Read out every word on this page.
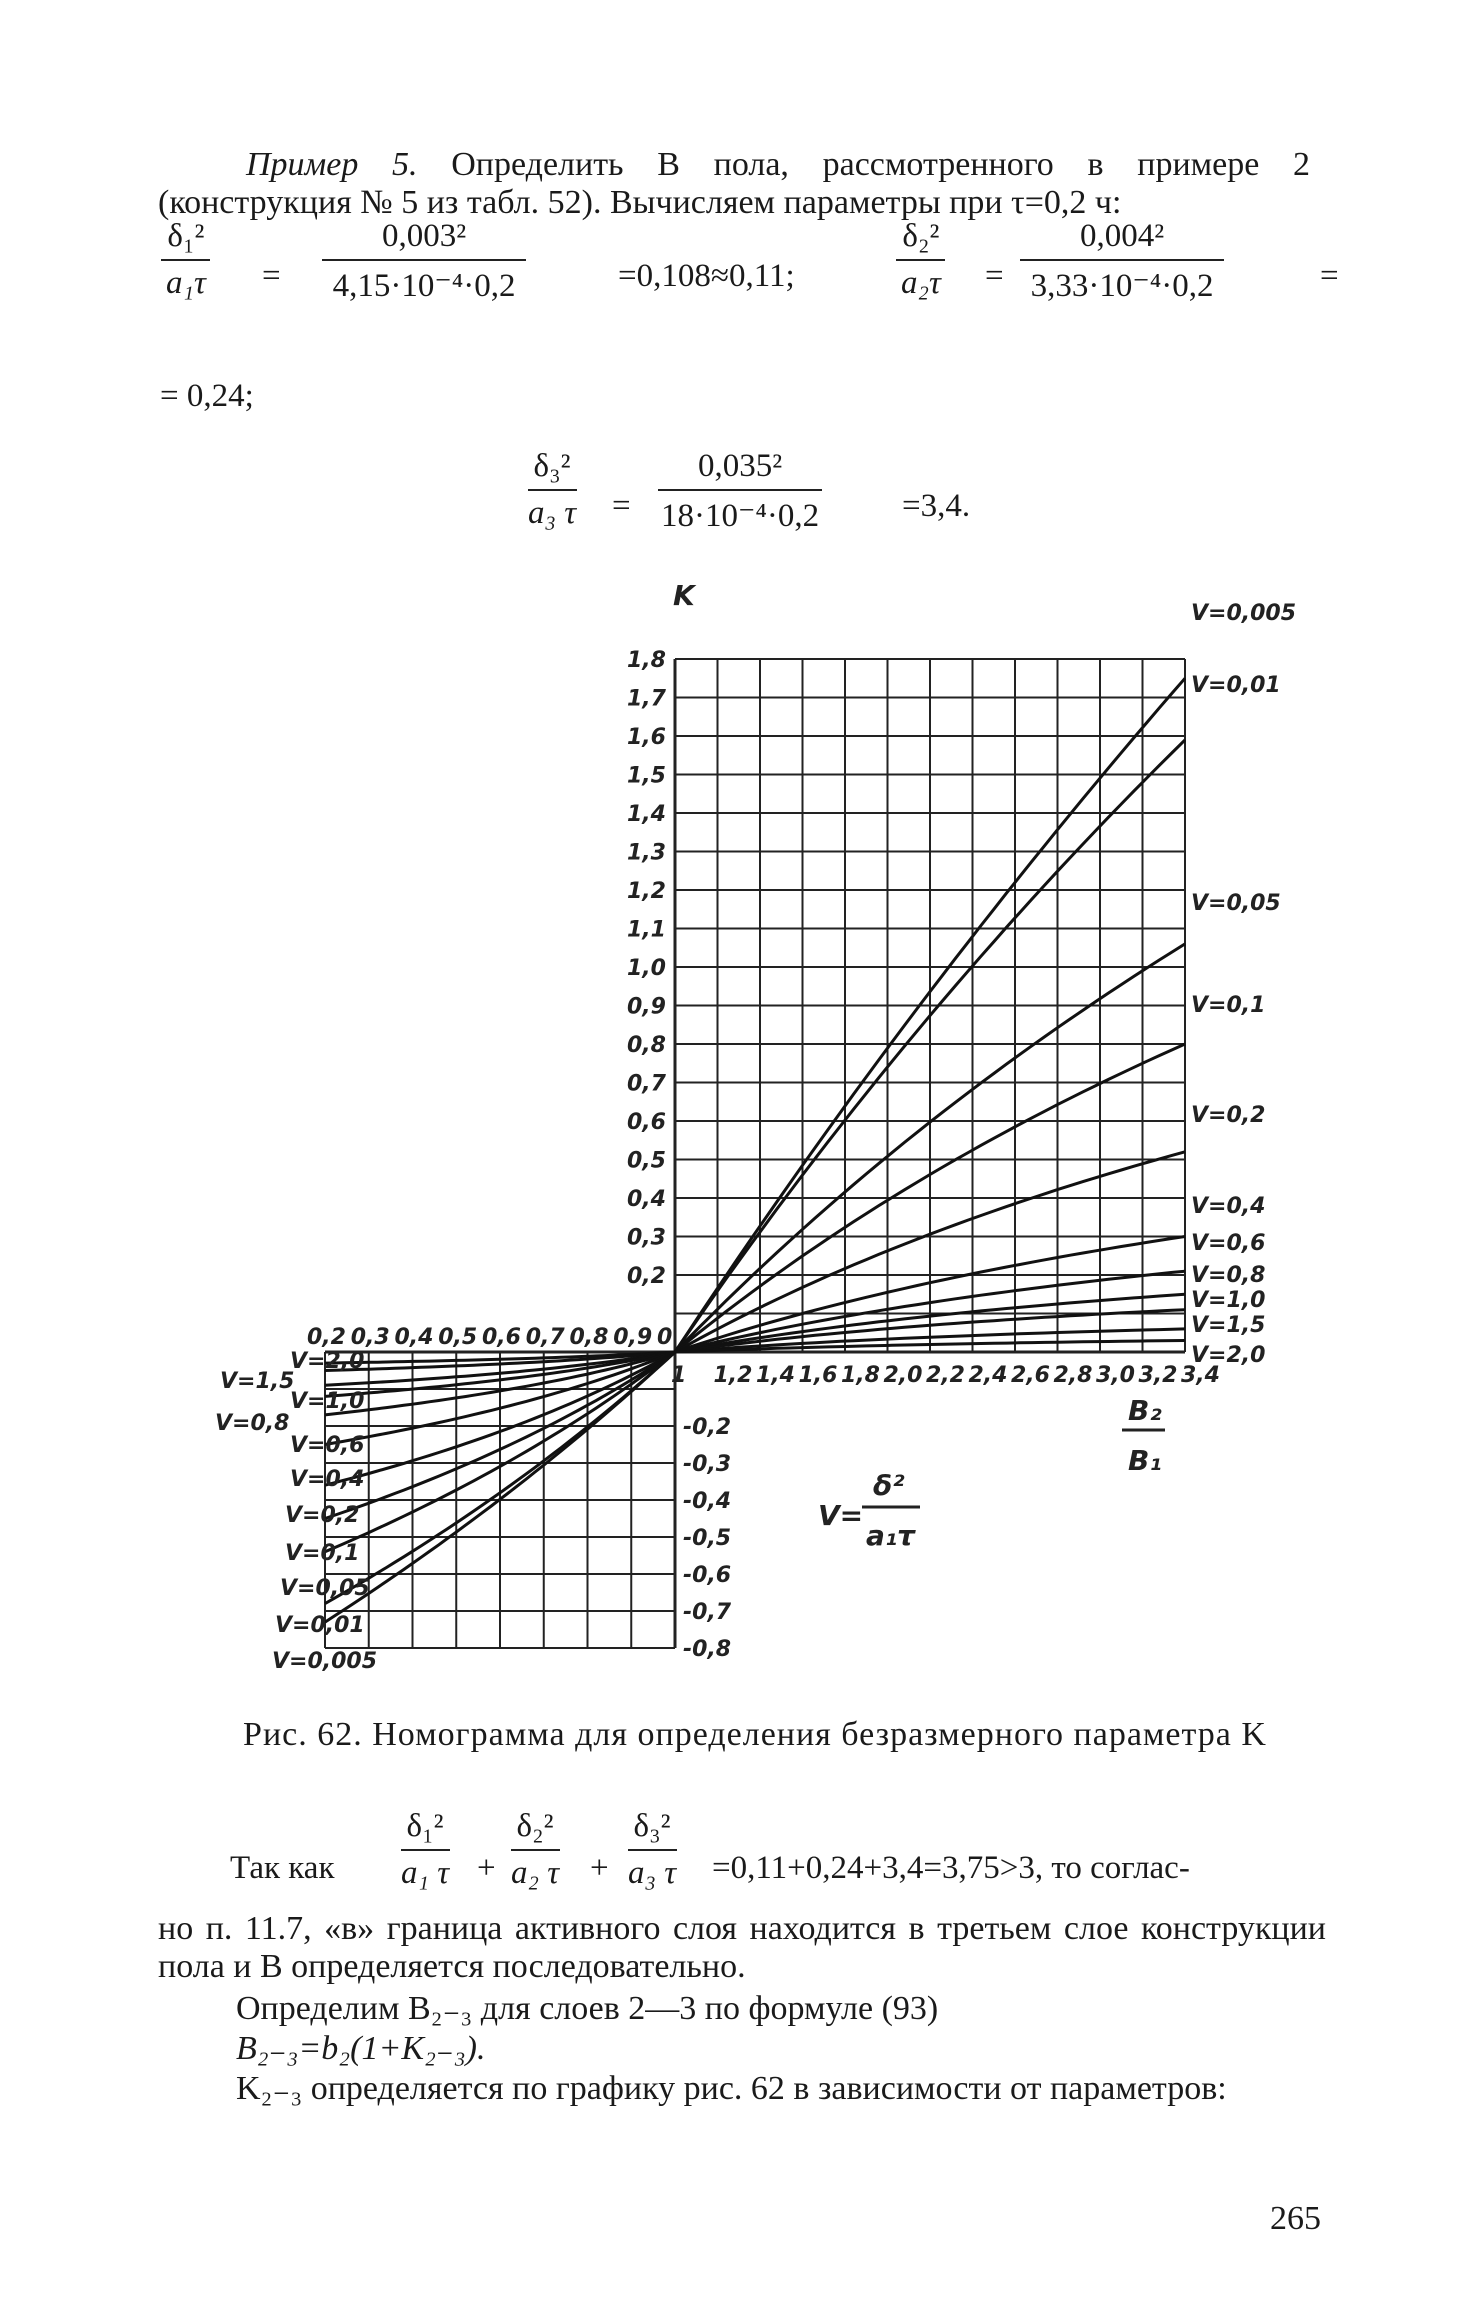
Пример 5. Определить В пола, рассмотренного в примере 2 (конструкция № 5 из табл. 52). Вычисляем параметры при τ=0,2 ч:

$\frac{\text{δ₁²}}{\text{a₁τ}} = \frac{\text{0,003²}}{\text{4,15·10⁻⁴·0,2}}$	=0,108≈0,11;	$\frac{\text{δ₂²}}{\text{a₂τ}} = \frac{\text{0,004²}}{\text{3,33·10⁻⁴·0,2}}$	=
= 0,24;
$\frac{\text{δ₃²}}{\text{a₃ τ}} = \frac{\text{0,035²}}{\text{18·10⁻⁴·0,2}} =3,4$.
1,8
1,7
1,6
1,5
1,4
1,3
1,2
1,1
1,0
0,9
0,8
0,7
0,6
0,5
0,4
0,3
0,2
-0,2
-0,3
-0,4
-0,5
-0,6
-0,7
-0,8
1 1,2 1,4 1,6 1,8 2,0 2,2 2,4 2,6 2,8 3,0 3,2 3,4
0,2 0,3 0,4 0,5 0,6 0,7 0,8 0,9 0
V=0,005
V=0,01
V=0,05
V=0,1
V=0,2
V=0,4
V=0,6
V=0,8
V=1,0
V=1,5
V=2,0
V=2,0
V=1,5
V=1,0
V=0,8
V=0,6
V=0,4
V=0,2
V=0,1
V=0,05
V=0,01
V=0,005
K
B₂
B₁
V=
δ²
a₁τ
Рис. 62. Номограмма для определения безразмерного параметра K
Так как $\frac{\text{δ₁²}}{\text{a₁ τ}} + \frac{\text{δ₂²}}{\text{a₂ τ}} + \frac{\text{δ₃²}}{\text{a₃ τ}} =0,11+0,24+3,4=3,75>3$, то соглас-

но п. 11.7, «в» граница активного слоя находится в третьем слое конструкции пола и B определяется последовательно.

Определим B₂₋₃ для слоев 2—3 по формуле (93)

B₂₋₃=b₂(1+K₂₋₃).

K₂₋₃ определяется по графику рис. 62 в зависимости от параметров:

265
